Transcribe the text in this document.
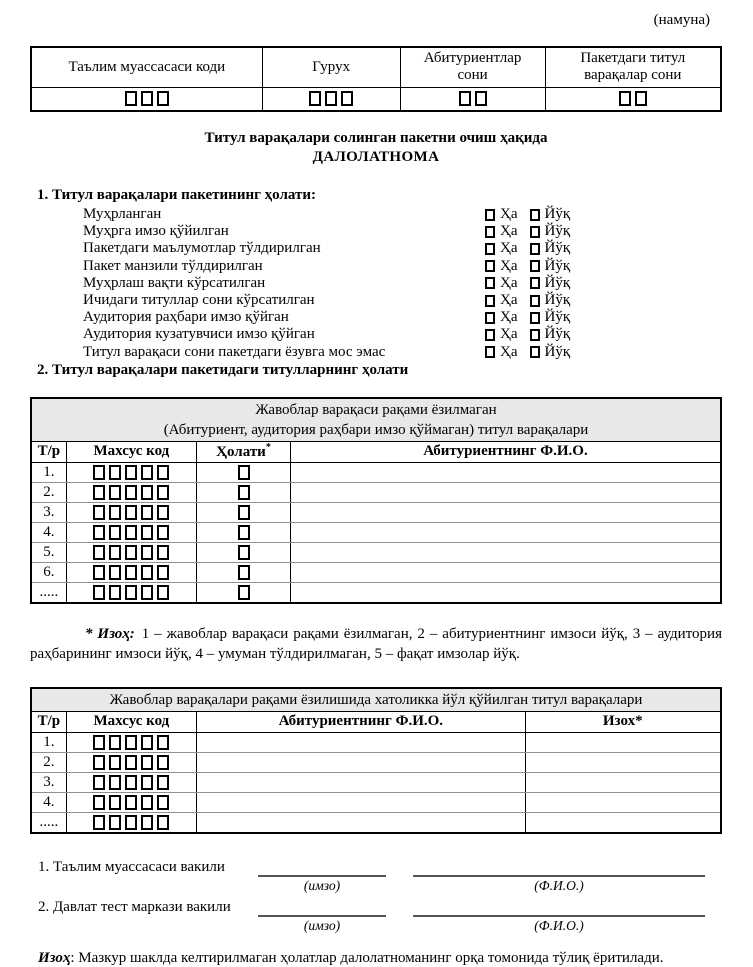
(намуна)
Таълим муассасаси коди	Гурух	Абитуриентлар сони	Пакетдаги титул варақалар сони

Титул варақалари солинган пакетни очиш ҳақида
ДАЛОЛАТНОМА
1. Титул варақалари пакетининг ҳолати:
Муҳрланган	Ҳа Йўқ
Муҳрга имзо қўйилган	Ҳа Йўқ
Пакетдаги маълумотлар тўлдирилган	Ҳа Йўқ
Пакет манзили тўлдирилган	Ҳа Йўқ
Муҳрлаш вақти кўрсатилган	Ҳа Йўқ
Ичидаги титуллар сони кўрсатилган	Ҳа Йўқ
Аудитория раҳбари имзо қўйган	Ҳа Йўқ
Аудитория кузатувчиси имзо қўйган	Ҳа Йўқ
Титул варақаси сони пакетдаги ёзувга мос эмас	Ҳа Йўқ
2. Титул варақалари пакетидаги титулларнинг ҳолати
Жавоблар варақаси рақами ёзилмаган
(Абитуриент, аудитория раҳбари имзо қўймаган) титул варақалари			

Т/р	Махсус код	Ҳолати*	Абитуриентнинг Ф.И.О.
1.			
2.			
3.			
4.			
5.			
6.			
.....			

* Изоҳ: 1 – жавоблар варақаси рақами ёзилмаган, 2 – абитуриентнинг имзоси йўқ, 3 – аудитория раҳбарининг имзоси йўқ, 4 – умуман тўлдирилмаган, 5 – фақат имзолар йўқ.

Жавоблар варақалари рақами ёзилишида хатоликка йўл қўйилган титул варақалари			
Т/р	Махсус код	Абитуриентнинг Ф.И.О.	Изох*
1.			
2.			
3.			
4.			
.....			
1. Таълим муассасаси вакили
(имзо)	(Ф.И.О.)
2. Давлат тест маркази вакили
(имзо)	(Ф.И.О.)
Изоҳ: Мазкур шаклда келтирилмаган ҳолатлар далолатноманинг орқа томонида тўлиқ ёритилади.
